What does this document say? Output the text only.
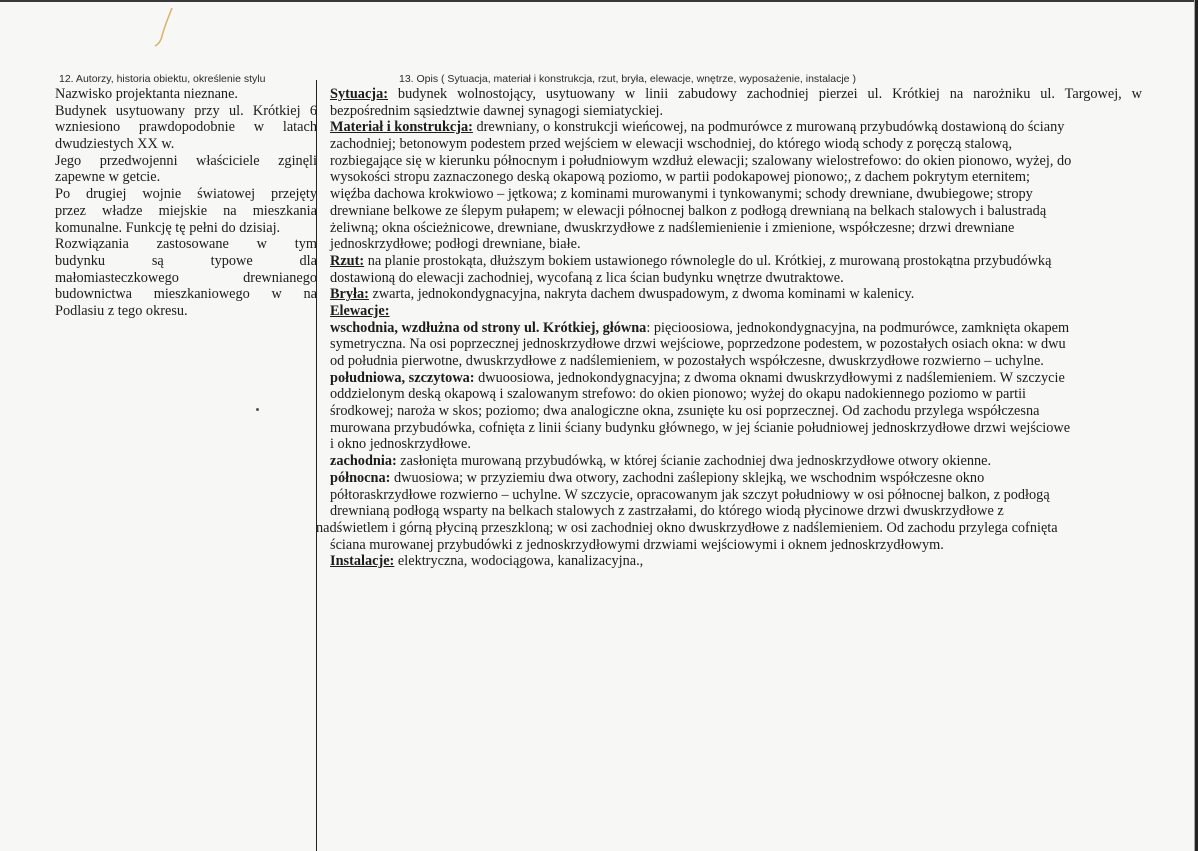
12. Autorzy, historia obiektu, określenie stylu	13. Opis ( Sytuacja, materiał i konstrukcja, rzut, bryła, elewacje, wnętrze, wyposażenie, instalacje )
Nazwisko projektanta nieznane.
Budynek usytuowany przy ul. Krótkiej 6
wzniesiono prawdopodobnie w latach
dwudziestych XX w.
Jego przedwojenni właściciele zginęli
zapewne w getcie.
Po drugiej wojnie światowej przejęty
przez władze miejskie na mieszkania
komunalne. Funkcję tę pełni do dzisiaj.
Rozwiązania zastosowane w tym
budynku są typowe dla
małomiasteczkowego drewnianego
budownictwa mieszkaniowego w na
Podlasiu z tego okresu.
Sytuacja: budynek wolnostojący, usytuowany w linii zabudowy zachodniej pierzei ul. Krótkiej na narożniku ul. Targowej, w
bezpośrednim sąsiedztwie dawnej synagogi siemiatyckiej.
Materiał i konstrukcja: drewniany, o konstrukcji wieńcowej, na podmurówce z murowaną przybudówką dostawioną do ściany
zachodniej; betonowym podestem przed wejściem w elewacji wschodniej, do którego wiodą schody z poręczą stalową,
rozbiegające się w kierunku północnym i południowym wzdłuż elewacji; szalowany wielostrefowo: do okien pionowo, wyżej, do
wysokości stropu zaznaczonego deską okapową poziomo, w partii podokapowej pionowo;, z dachem pokrytym eternitem;
więźba dachowa krokwiowo – jętkowa; z kominami murowanymi i tynkowanymi; schody drewniane, dwubiegowe; stropy
drewniane belkowe ze ślepym pułapem; w elewacji północnej balkon z podłogą drewnianą na belkach stalowych i balustradą
żeliwną; okna ościeżnicowe, drewniane, dwuskrzydłowe z nadślemienienie i zmienione, współczesne; drzwi drewniane
jednoskrzydłowe; podłogi drewniane, białe.
Rzut: na planie prostokąta, dłuższym bokiem ustawionego równolegle do ul. Krótkiej, z murowaną prostokątna przybudówką
dostawioną do elewacji zachodniej, wycofaną z lica ścian budynku wnętrze dwutraktowe.
Bryła: zwarta, jednokondygnacyjna, nakryta dachem dwuspadowym, z dwoma kominami w kalenicy.
Elewacje:
wschodnia, wzdłużna od strony ul. Krótkiej, główna: pięcioosiowa, jednokondygnacyjna, na podmurówce, zamknięta okapem
symetryczna. Na osi poprzecznej jednoskrzydłowe drzwi wejściowe, poprzedzone podestem, w pozostałych osiach okna: w dwu
od południa pierwotne, dwuskrzydłowe z nadślemieniem, w pozostałych współczesne, dwuskrzydłowe rozwierno – uchylne.
południowa, szczytowa: dwuoosiowa, jednokondygnacyjna; z dwoma oknami dwuskrzydłowymi z nadślemieniem. W szczycie
oddzielonym deską okapową i szalowanym strefowo: do okien pionowo; wyżej do okapu nadokiennego poziomo w partii
środkowej; naroża w skos; poziomo; dwa analogiczne okna, zsunięte ku osi poprzecznej. Od zachodu przylega współczesna
murowana przybudówka, cofnięta z linii ściany budynku głównego, w jej ścianie południowej jednoskrzydłowe drzwi wejściowe
i okno jednoskrzydłowe.
zachodnia: zasłonięta murowaną przybudówką, w której ścianie zachodniej dwa jednoskrzydłowe otwory okienne.
północna: dwuosiowa; w przyziemiu dwa otwory, zachodni zaślepiony sklejką, we wschodnim współczesne okno
półtoraskrzydłowe rozwierno – uchylne. W szczycie, opracowanym jak szczyt południowy w osi północnej balkon, z podłogą
drewnianą podłogą wsparty na belkach stalowych z zastrzałami, do którego wiodą płycinowe drzwi dwuskrzydłowe z
nadświetlem i górną płyciną przeszkloną; w osi zachodniej okno dwuskrzydłowe z nadślemieniem. Od zachodu przylega cofnięta
ściana murowanej przybudówki z jednoskrzydłowymi drzwiami wejściowymi i oknem jednoskrzydłowym.
Instalacje: elektryczna, wodociągowa, kanalizacyjna.,
